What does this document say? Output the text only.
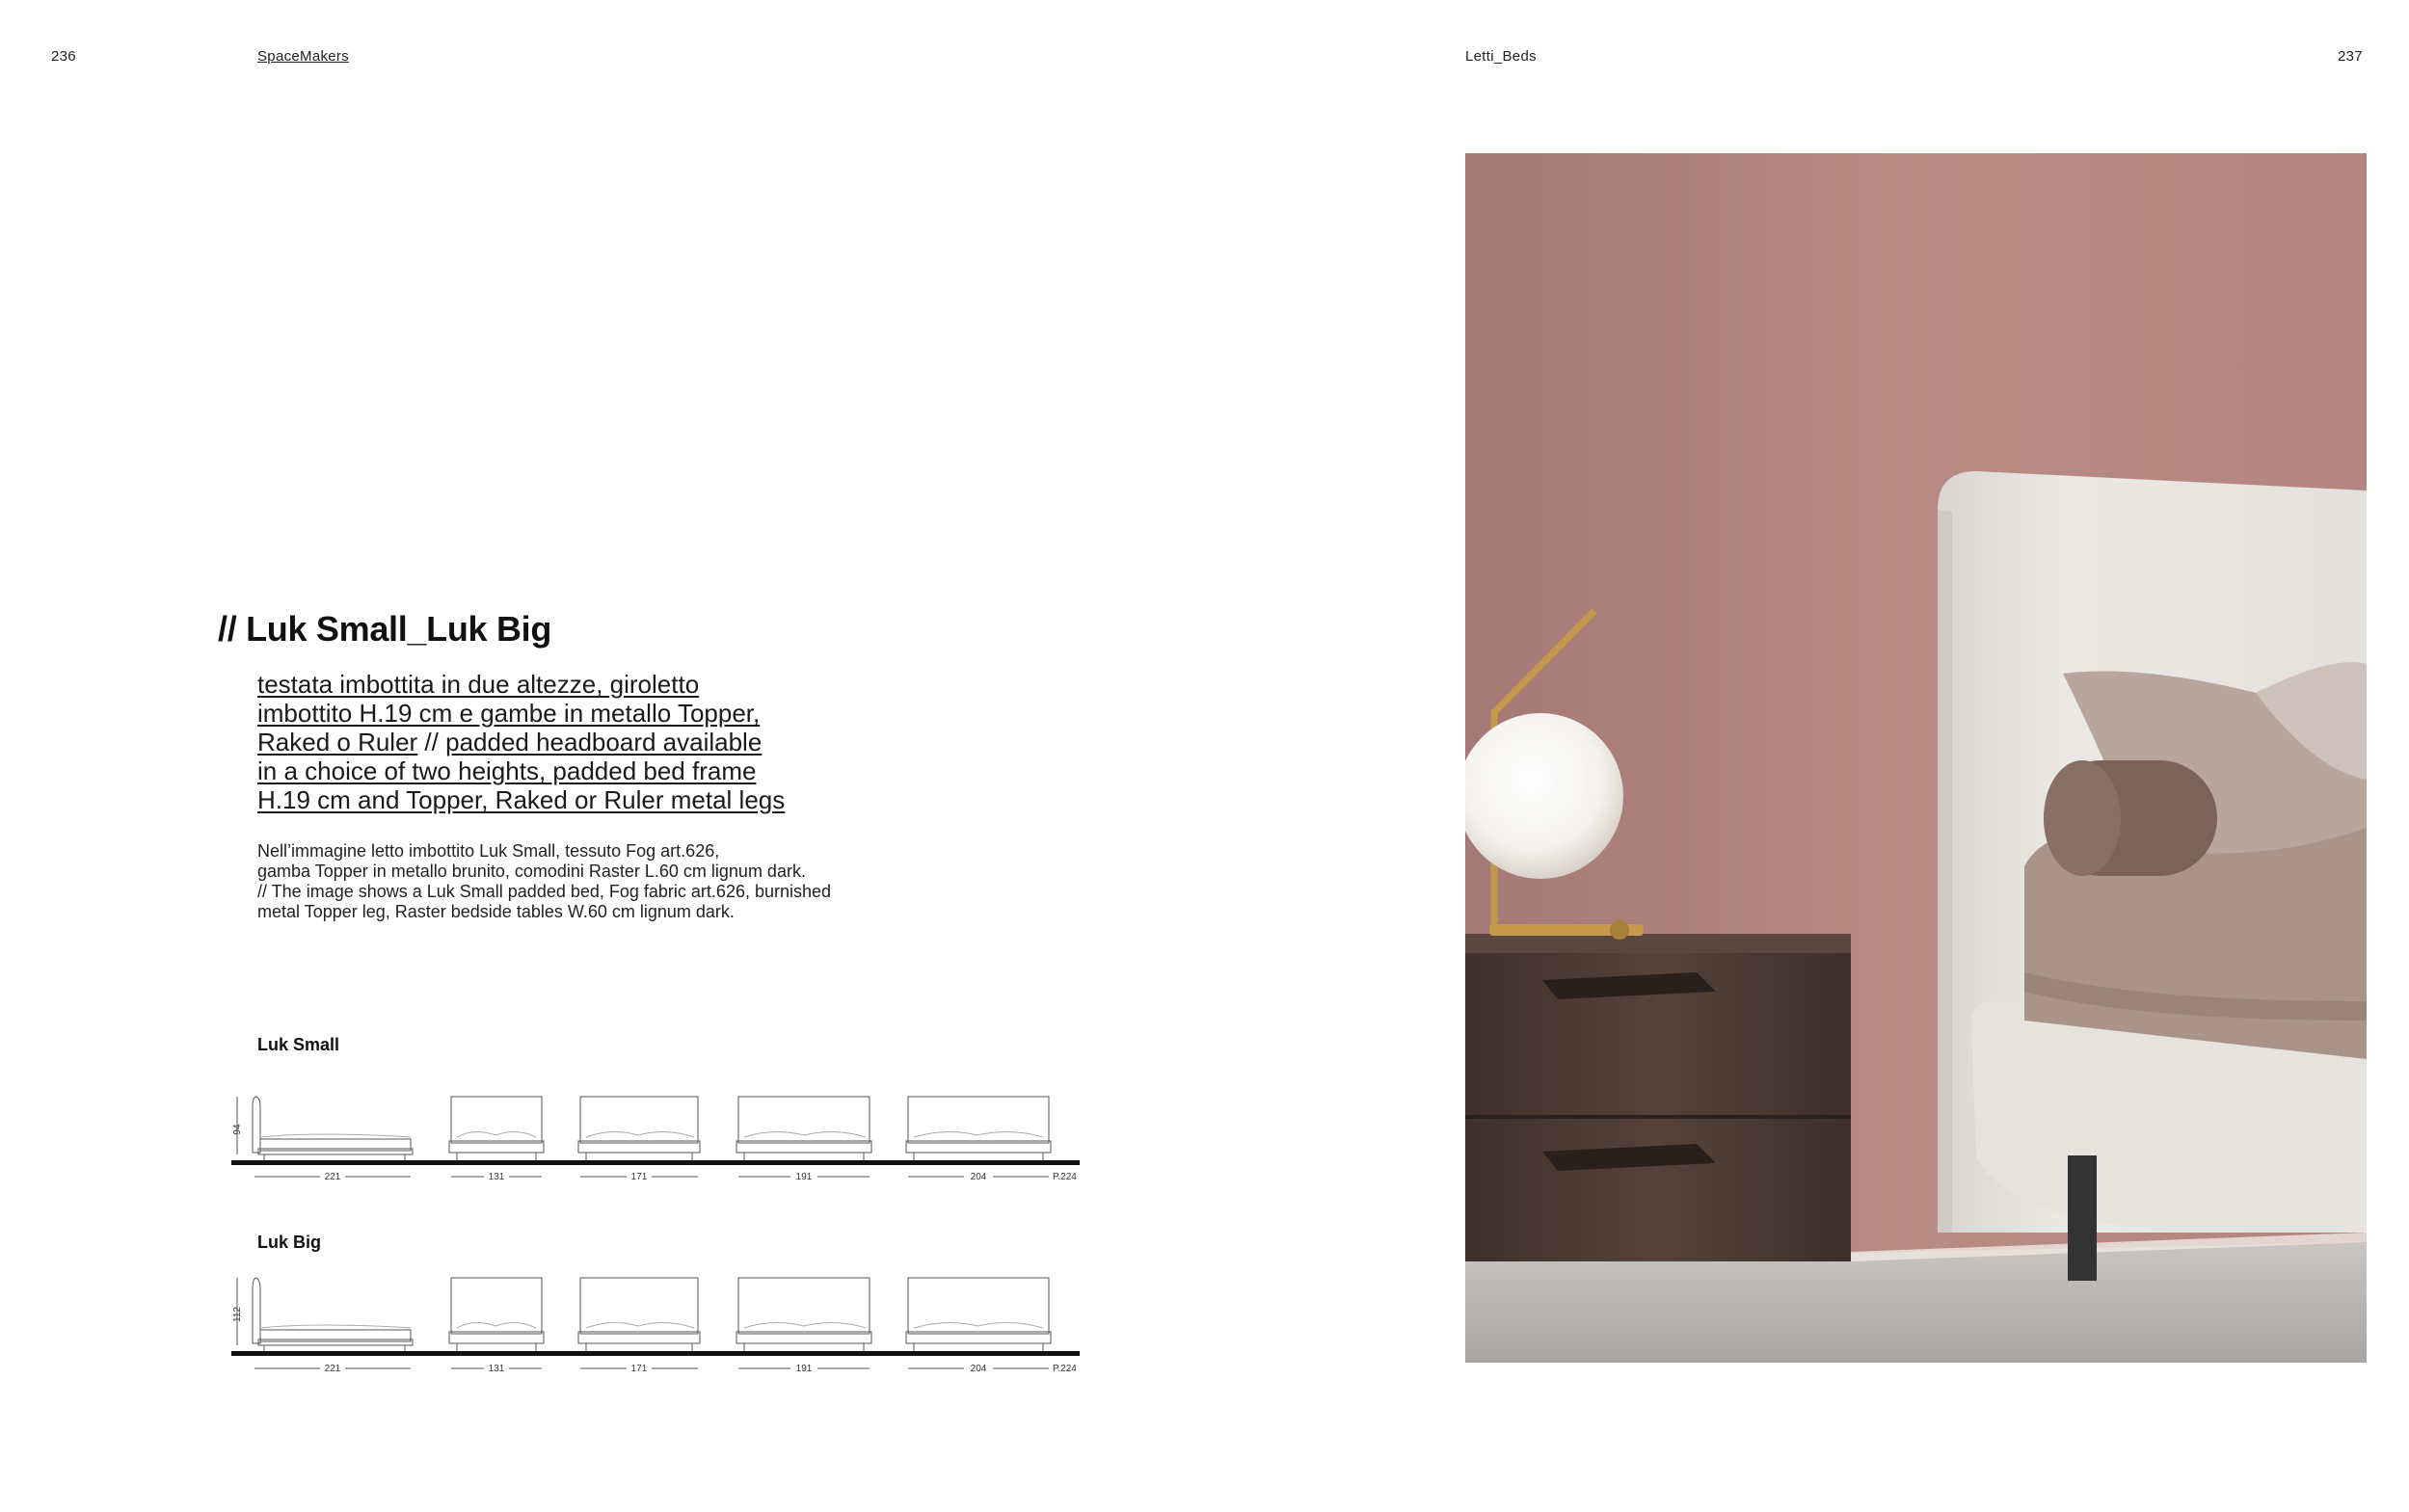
236	SpaceMakers	Letti_Beds	237
// Luk Small_Luk Big
testata imbottita in due altezze, giroletto
imbottito H.19 cm e gambe in metallo Topper,
Raked o Ruler // padded headboard available
in a choice of two heights, padded bed frame
H.19 cm and Topper, Raked or Ruler metal legs
Nell’immagine letto imbottito Luk Small, tessuto Fog art.626,
gamba Topper in metallo brunito, comodini Raster L.60 cm lignum dark.
// The image shows a Luk Small padded bed, Fog fabric art.626, burnished
metal Topper leg, Raster bedside tables W.60 cm lignum dark.
Luk Small
Luk Big
94
221	131	171	191	204	P.224
112
221	131	171	191	204	P.224
